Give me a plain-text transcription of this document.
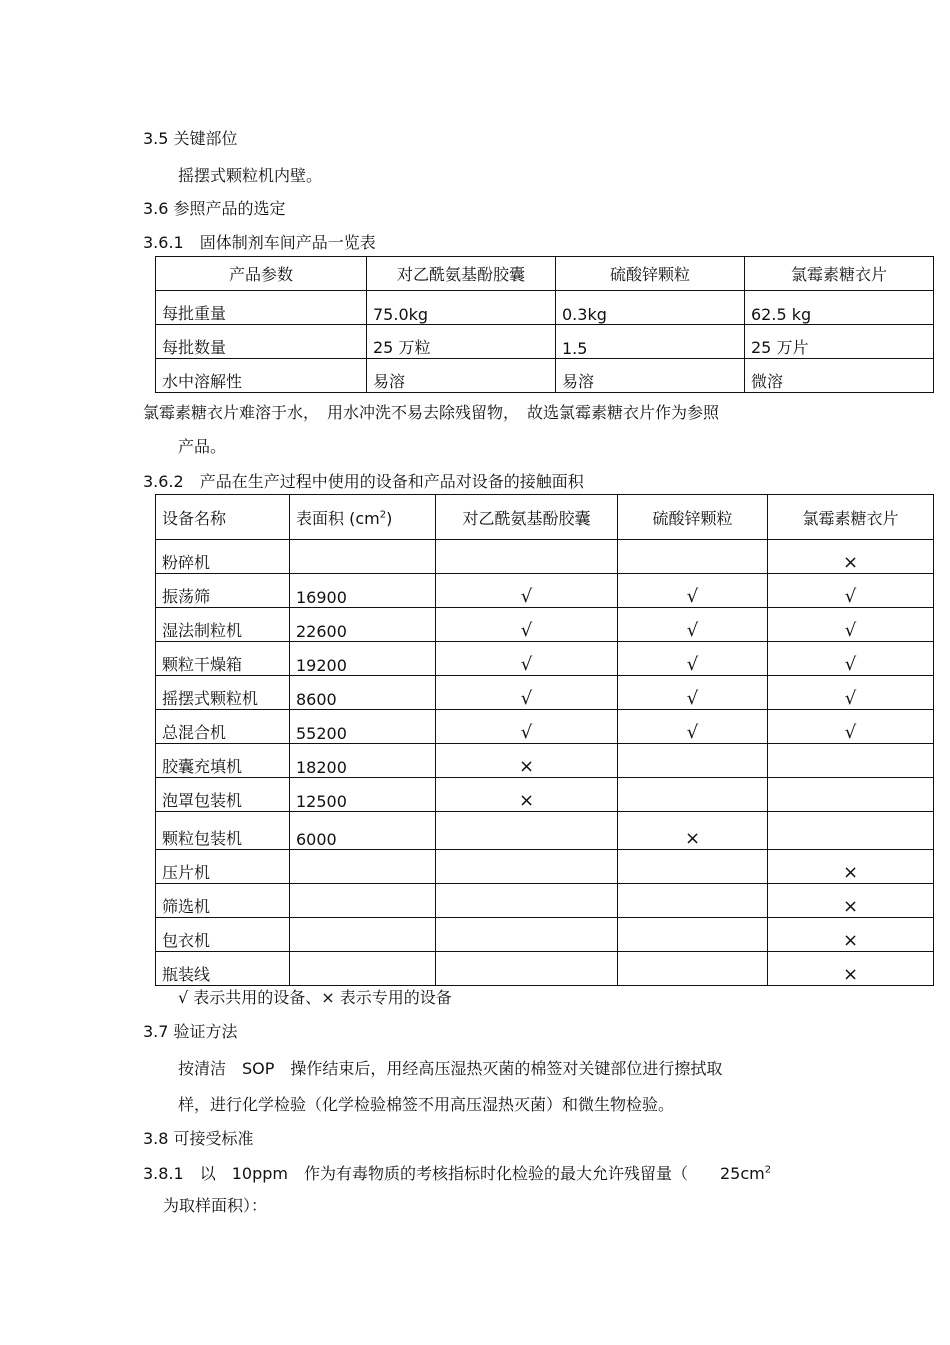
3.5 关键部位
摇摆式颗粒机内壁。
3.6 参照产品的选定
3.6.1　固体制剂车间产品一览表
产品参数	对乙酰氨基酚胶囊	硫酸锌颗粒	氯霉素糖衣片
每批重量	75.0kg	0.3kg	62.5 kg
每批数量	25 万粒	1.5	25 万片
水中溶解性	易溶	易溶	微溶
氯霉素糖衣片难溶于水，　用水冲洗不易去除残留物，　故选氯霉素糖衣片作为参照
产品。
3.6.2　产品在生产过程中使用的设备和产品对设备的接触面积
设备名称	表面积 $(cm^2)$	对乙酰氨基酚胶囊	硫酸锌颗粒	氯霉素糖衣片
粉碎机				×
振荡筛	16900	√	√	√
湿法制粒机	22600	√	√	√
颗粒干燥箱	19200	√	√	√
摇摆式颗粒机	8600	√	√	√
总混合机	55200	√	√	√
胶囊充填机	18200	×		
泡罩包装机	12500	×		
颗粒包装机	6000		×	
压片机				×
筛选机				×
包衣机				×
瓶装线				×
√ 表示共用的设备、× 表示专用的设备
3.7 验证方法
按清洁　SOP　操作结束后，用经高压湿热灭菌的棉签对关键部位进行擦拭取
样，进行化学检验（化学检验棉签不用高压湿热灭菌）和微生物检验。
3.8 可接受标准
3.8.1　以　10ppm　作为有毒物质的考核指标时化检验的最大允许残留量（　　$25cm^2$
为取样面积）：
